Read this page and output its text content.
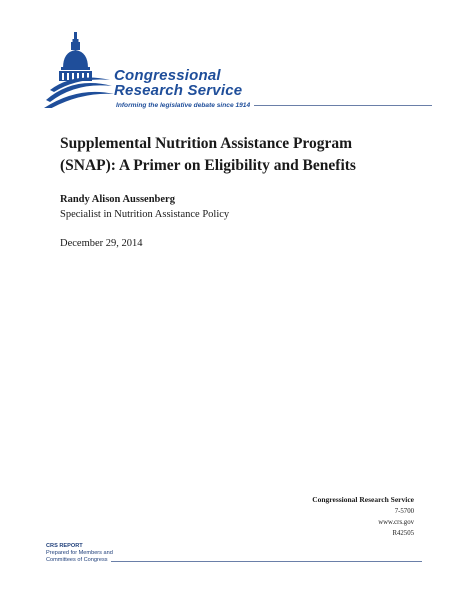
Congressional
Research Service
Informing the legislative debate since 1914
Supplemental Nutrition Assistance Program
(SNAP): A Primer on Eligibility and Benefits
Randy Alison Aussenberg
Specialist in Nutrition Assistance Policy
December 29, 2014
Congressional Research Service
7-5700
www.crs.gov
R42505
CRS REPORT
Prepared for Members and
Committees of Congress
